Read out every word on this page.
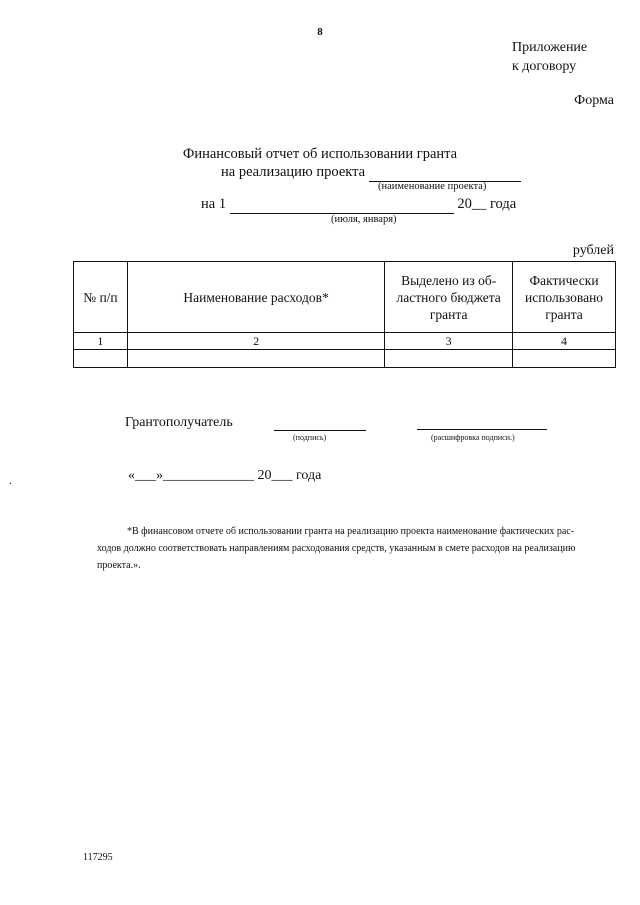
8
Приложение
к договору
Форма
Финансовый отчет об использовании гранта
на реализацию проекта
(наименование проекта)
на 1	20__ года
(июля, января)
рублей
№ п/п	Наименование расходов*	Выделено из об-ластного бюджета гранта	Фактически использовано гранта
1	2	3	4

Грантополучатель
(подпись)	(расшифровка подписи.)
.	«___»_____________ 20___ года
*В финансовом отчете об использовании гранта на реализацию проекта наименование фактических рас-
ходов должно соответствовать направлениям расходования средств, указанным в смете расходов на реализацию
проекта.».
117295
